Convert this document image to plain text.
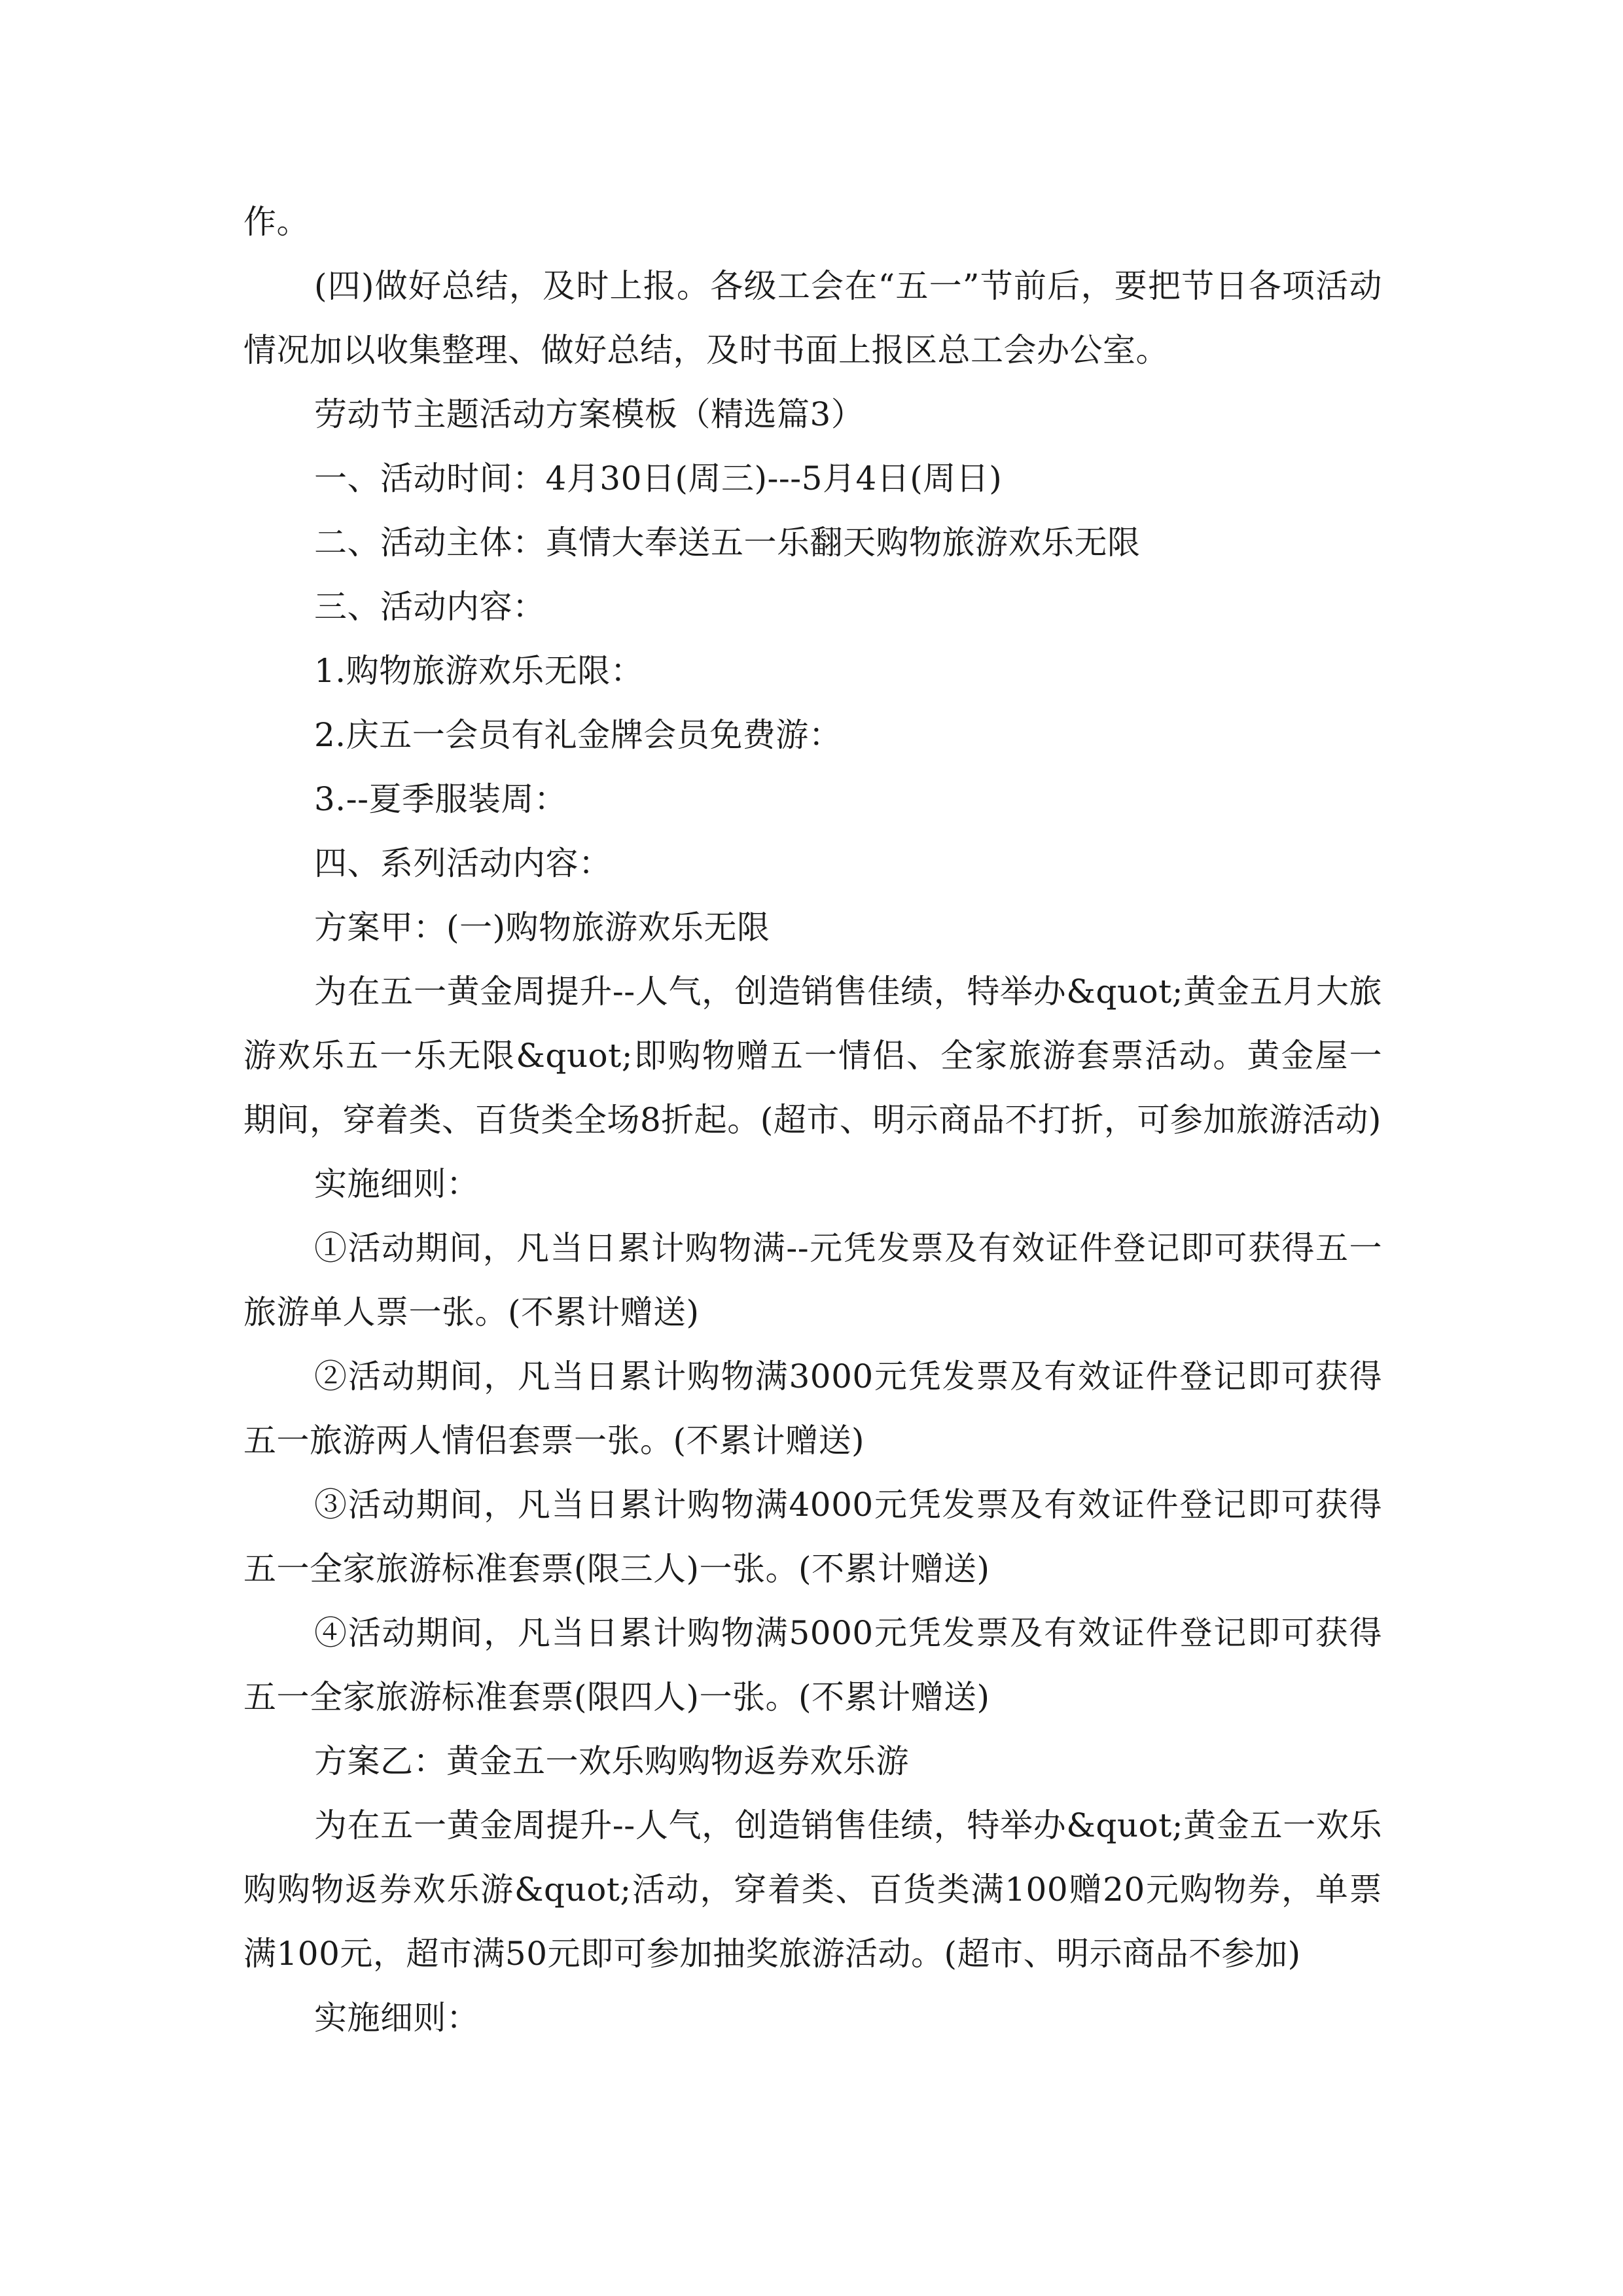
作。

(四)做好总结，及时上报。各级工会在“五一”节前后，要把节日各项活动情况加以收集整理、做好总结，及时书面上报区总工会办公室。

劳动节主题活动方案模板（精选篇3）

一、活动时间：4月30日(周三)---5月4日(周日)

二、活动主体：真情大奉送五一乐翻天购物旅游欢乐无限

三、活动内容：

1.购物旅游欢乐无限：

2.庆五一会员有礼金牌会员免费游：

3.--夏季服装周：

四、系列活动内容：

方案甲：(一)购物旅游欢乐无限

为在五一黄金周提升--人气，创造销售佳绩，特举办&quot;黄金五月大旅游欢乐五一乐无限&quot;即购物赠五一情侣、全家旅游套票活动。黄金屋一期间，穿着类、百货类全场8折起。(超市、明示商品不打折，可参加旅游活动)

实施细则：

①活动期间，凡当日累计购物满--元凭发票及有效证件登记即可获得五一旅游单人票一张。(不累计赠送)

②活动期间，凡当日累计购物满3000元凭发票及有效证件登记即可获得五一旅游两人情侣套票一张。(不累计赠送)

③活动期间，凡当日累计购物满4000元凭发票及有效证件登记即可获得五一全家旅游标准套票(限三人)一张。(不累计赠送)

④活动期间，凡当日累计购物满5000元凭发票及有效证件登记即可获得五一全家旅游标准套票(限四人)一张。(不累计赠送)

方案乙：黄金五一欢乐购购物返券欢乐游

为在五一黄金周提升--人气，创造销售佳绩，特举办&quot;黄金五一欢乐购购物返券欢乐游&quot;活动，穿着类、百货类满100赠20元购物券，单票满100元，超市满50元即可参加抽奖旅游活动。(超市、明示商品不参加)

实施细则：
